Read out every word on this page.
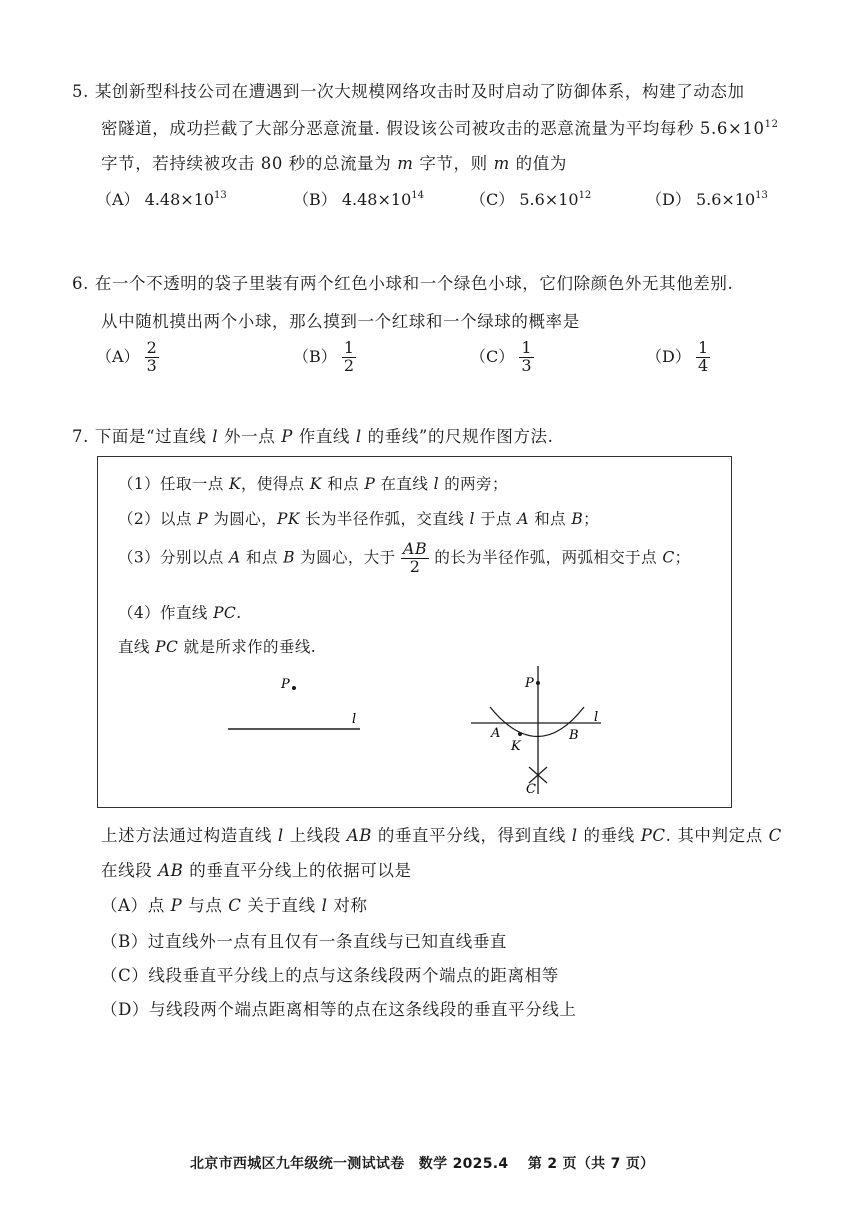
5. 某创新型科技公司在遭遇到一次大规模网络攻击时及时启动了防御体系，构建了动态加
密隧道，成功拦截了大部分恶意流量. 假设该公司被攻击的恶意流量为平均每秒 $5.6\times 10^{12}$
字节，若持续被攻击 80 秒的总流量为 m 字节，则 m 的值为
（A） $4.48\times 10^{13}$	（B） $4.48\times 10^{14}$	（C） $5.6\times 10^{12}$	（D） $5.6\times 10^{13}$
6. 在一个不透明的袋子里装有两个红色小球和一个绿色小球，它们除颜色外无其他差别.
从中随机摸出两个小球，那么摸到一个红球和一个绿球的概率是
$(A) \frac{2}{3}$	$(B) \frac{1}{2}$	$(C) \frac{1}{3}$	$(D) \frac{1}{4}$
7. 下面是“过直线 l 外一点 P 作直线 l 的垂线”的尺规作图方法.
（1）任取一点 K，使得点 K 和点 P 在直线 l 的两旁；
（2）以点 P 为圆心，PK 长为半径作弧，交直线 l 于点 A 和点 B；
（3）分别以点 A 和点 B 为圆心，大于 $\frac{AB}{2}$ 的长为半径作弧，两弧相交于点 C；
（4）作直线 PC.
直线 PC 就是所求作的垂线.
P
l
P
l
A
K
B
C
上述方法通过构造直线 l 上线段 AB 的垂直平分线，得到直线 l 的垂线 PC. 其中判定点 C
在线段 AB 的垂直平分线上的依据可以是
（A）点 P 与点 C 关于直线 l 对称
（B）过直线外一点有且仅有一条直线与已知直线垂直
（C）线段垂直平分线上的点与这条线段两个端点的距离相等
（D）与线段两个端点距离相等的点在这条线段的垂直平分线上
北京市西城区九年级统一测试试卷　数学 2025.4　 第 2 页（共 7 页）
